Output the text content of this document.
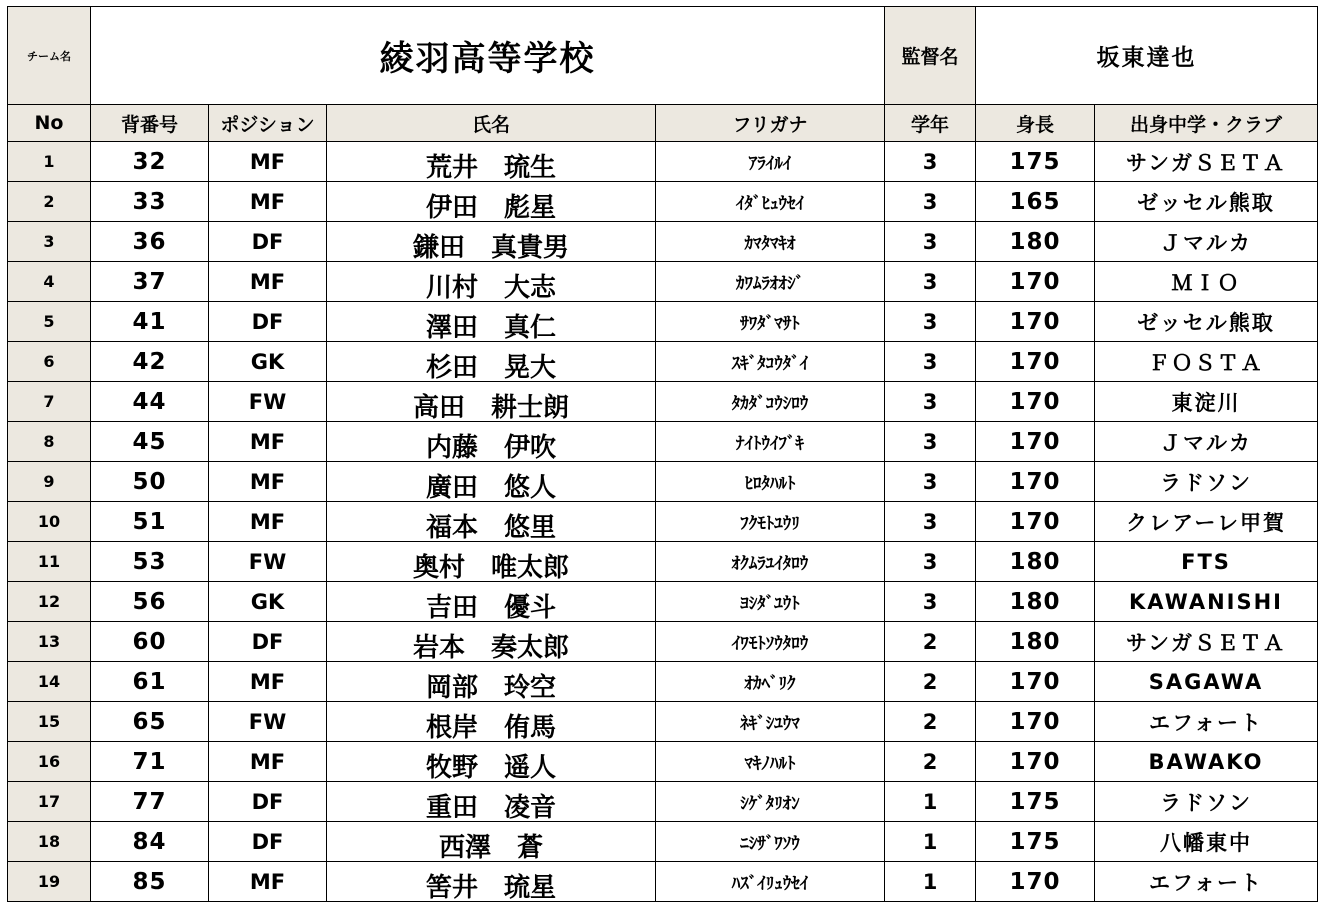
チーム名	綾羽高等学校				監督名	坂東達也	
No	背番号	ポジション	氏名	フリガナ	学年	身長	出身中学・クラブ
1	32	MF	荒井　琉生	ｱﾗｲﾙｲ	3	175	サンガＳＥＴＡ
2	33	MF	伊田　彪星	ｲﾀﾞﾋｭｳｾｲ	3	165	ゼッセル熊取
3	36	DF	鎌田　真貴男	ｶﾏﾀﾏｷｵ	3	180	Ｊマルカ
4	37	MF	川村　大志	ｶﾜﾑﾗｵｵｼﾞ	3	170	ＭＩＯ
5	41	DF	澤田　真仁	ｻﾜﾀﾞﾏｻﾄ	3	170	ゼッセル熊取
6	42	GK	杉田　晃大	ｽｷﾞﾀｺｳﾀﾞｲ	3	170	ＦＯＳＴＡ
7	44	FW	高田　耕士朗	ﾀｶﾀﾞｺｳｼﾛｳ	3	170	東淀川
8	45	MF	内藤　伊吹	ﾅｲﾄｳｲﾌﾞｷ	3	170	Ｊマルカ
9	50	MF	廣田　悠人	ﾋﾛﾀﾊﾙﾄ	3	170	ラドソン
10	51	MF	福本　悠里	ﾌｸﾓﾄﾕｳﾘ	3	170	クレアーレ甲賀
11	53	FW	奥村　唯太郎	ｵｸﾑﾗﾕｲﾀﾛｳ	3	180	FTS
12	56	GK	吉田　優斗	ﾖｼﾀﾞﾕｳﾄ	3	180	KAWANISHI
13	60	DF	岩本　奏太郎	ｲﾜﾓﾄｿｳﾀﾛｳ	2	180	サンガＳＥＴＡ
14	61	MF	岡部　玲空	ｵｶﾍﾞﾘｸ	2	170	SAGAWA
15	65	FW	根岸　侑馬	ﾈｷﾞｼﾕｳﾏ	2	170	エフォート
16	71	MF	牧野　遥人	ﾏｷﾉﾊﾙﾄ	2	170	BAWAKO
17	77	DF	重田　凌音	ｼｹﾞﾀﾘｵﾝ	1	175	ラドソン
18	84	DF	西澤　蒼	ﾆｼｻﾞﾜｿｳ	1	175	八幡東中
19	85	MF	筈井　琉星	ﾊｽﾞｲﾘｭｳｾｲ	1	170	エフォート
